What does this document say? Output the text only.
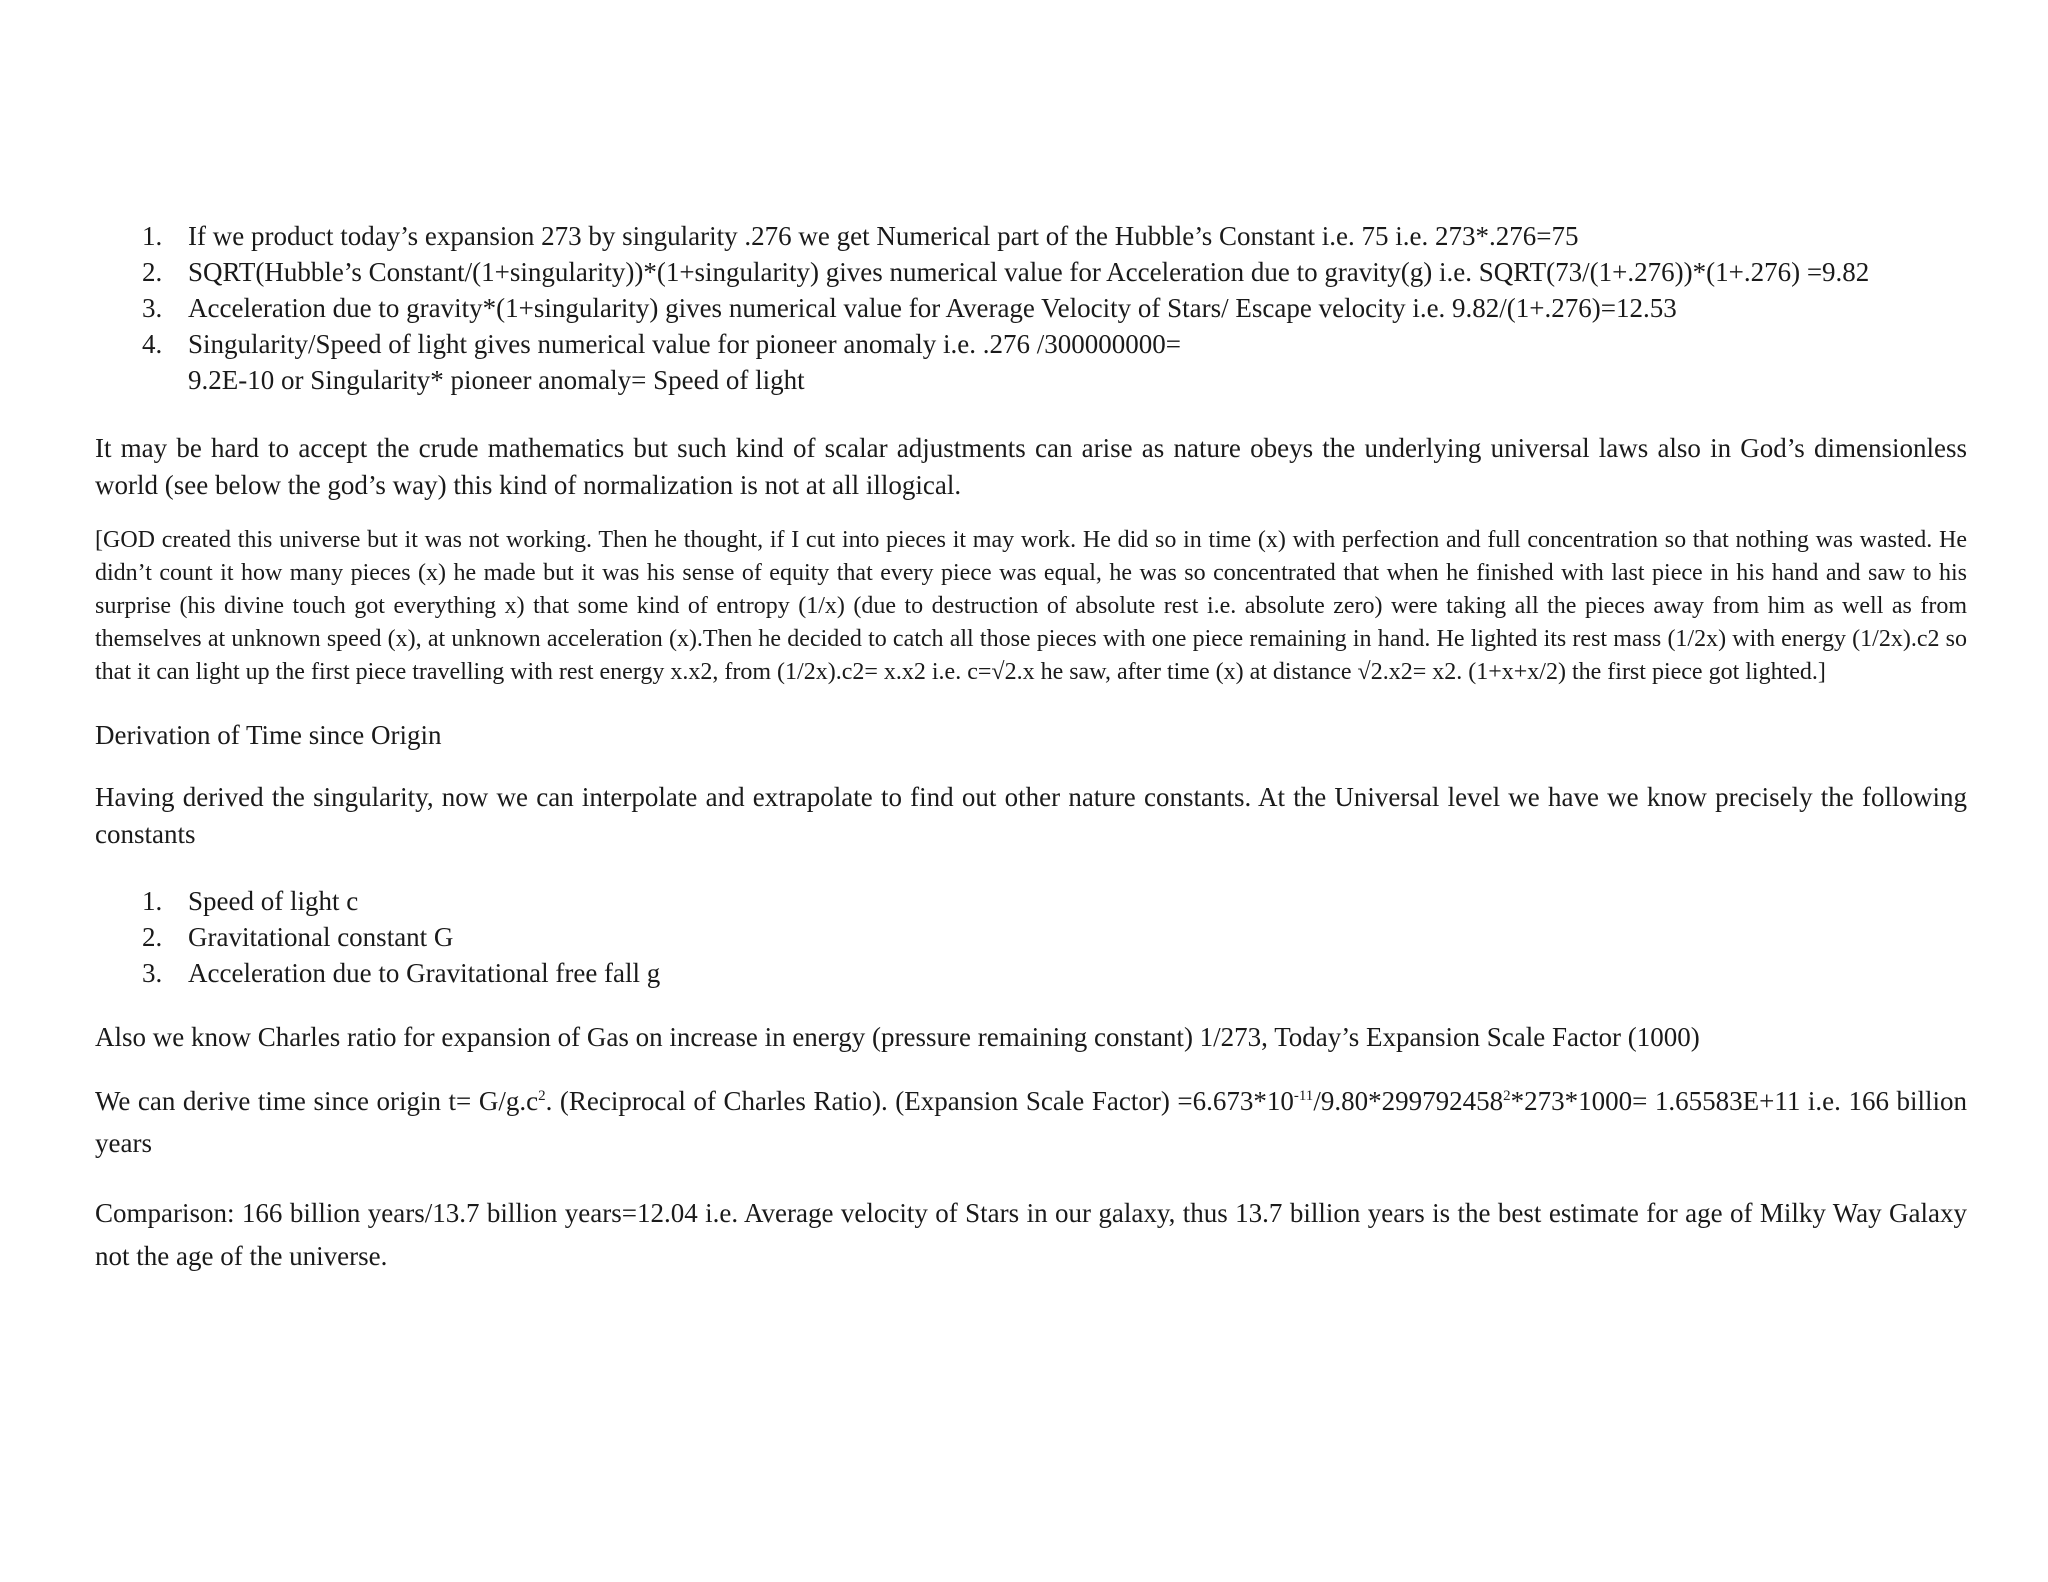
1. If we product today’s expansion 273 by singularity .276 we get Numerical part of the Hubble’s Constant i.e. 75 i.e. 273*.276=75
2. SQRT(Hubble’s Constant/(1+singularity))*(1+singularity) gives numerical value for Acceleration due to gravity(g) i.e. SQRT(73/(1+.276))*(1+.276) =9.82
3. Acceleration due to gravity*(1+singularity) gives numerical value for Average Velocity of Stars/ Escape velocity i.e. 9.82/(1+.276)=12.53
4. Singularity/Speed of light gives numerical value for pioneer anomaly i.e. .276 /300000000=
9.2E-10 or Singularity* pioneer anomaly= Speed of light

It may be hard to accept the crude mathematics but such kind of scalar adjustments can arise as nature obeys the underlying universal laws also in God’s dimensionless world (see below the god’s way) this kind of normalization is not at all illogical.

[GOD created this universe but it was not working. Then he thought, if I cut into pieces it may work. He did so in time (x) with perfection and full concentration so that nothing was wasted. He didn’t count it how many pieces (x) he made but it was his sense of equity that every piece was equal, he was so concentrated that when he finished with last piece in his hand and saw to his surprise (his divine touch got everything x) that some kind of entropy (1/x) (due to destruction of absolute rest i.e. absolute zero) were taking all the pieces away from him as well as from themselves at unknown speed (x), at unknown acceleration (x).Then he decided to catch all those pieces with one piece remaining in hand. He lighted its rest mass (1/2x) with energy (1/2x).c2 so that it can light up the first piece travelling with rest energy x.x2, from (1/2x).c2= x.x2 i.e. c=√2.x he saw, after time (x) at distance √2.x2= x2. (1+x+x/2) the first piece got lighted.]

Derivation of Time since Origin

Having derived the singularity, now we can interpolate and extrapolate to find out other nature constants. At the Universal level we have we know precisely the following constants

1. Speed of light c
2. Gravitational constant G
3. Acceleration due to Gravitational free fall g

Also we know Charles ratio for expansion of Gas on increase in energy (pressure remaining constant) 1/273, Today’s Expansion Scale Factor (1000)

We can derive time since origin $t= G/g.c^2$. (Reciprocal of Charles Ratio). (Expansion Scale Factor) $=6.673*10^{-11}/9.80*299792458^2*273*1000= 1.65583E+11$ i.e. 166 billion years

Comparison: 166 billion years/13.7 billion years=12.04 i.e. Average velocity of Stars in our galaxy, thus 13.7 billion years is the best estimate for age of Milky Way Galaxy not the age of the universe.
